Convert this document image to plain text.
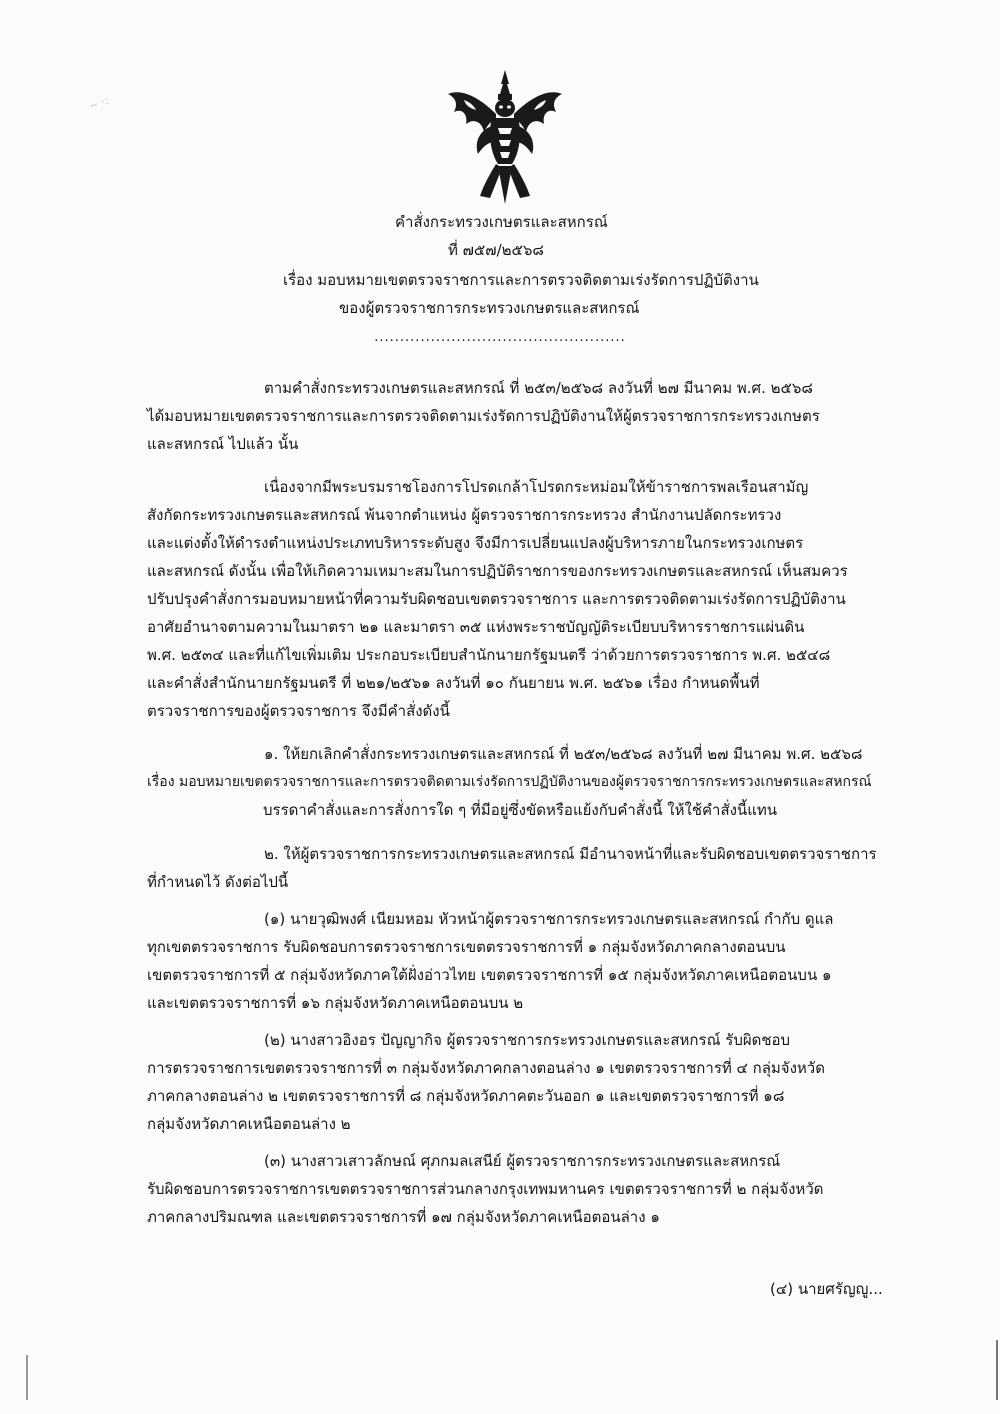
~ ·:
คำสั่งกระทรวงเกษตรและสหกรณ์
ที่ ๗๕๗/๒๕๖๘
เรื่อง มอบหมายเขตตรวจราชการและการตรวจติดตามเร่งรัดการปฏิบัติงาน
ของผู้ตรวจราชการกระทรวงเกษตรและสหกรณ์
.................................................
ตามคำสั่งกระทรวงเกษตรและสหกรณ์ ที่ ๒๕๓/๒๕๖๘ ลงวันที่ ๒๗ มีนาคม พ.ศ. ๒๕๖๘
ได้มอบหมายเขตตรวจราชการและการตรวจติดตามเร่งรัดการปฏิบัติงานให้ผู้ตรวจราชการกระทรวงเกษตร
และสหกรณ์ ไปแล้ว นั้น
เนื่องจากมีพระบรมราชโองการโปรดเกล้าโปรดกระหม่อมให้ข้าราชการพลเรือนสามัญ
สังกัดกระทรวงเกษตรและสหกรณ์ พ้นจากตำแหน่ง ผู้ตรวจราชการกระทรวง สำนักงานปลัดกระทรวง
และแต่งตั้งให้ดำรงตำแหน่งประเภทบริหารระดับสูง จึงมีการเปลี่ยนแปลงผู้บริหารภายในกระทรวงเกษตร
และสหกรณ์ ดังนั้น เพื่อให้เกิดความเหมาะสมในการปฏิบัติราชการของกระทรวงเกษตรและสหกรณ์ เห็นสมควร
ปรับปรุงคำสั่งการมอบหมายหน้าที่ความรับผิดชอบเขตตรวจราชการ และการตรวจติดตามเร่งรัดการปฏิบัติงาน
อาศัยอำนาจตามความในมาตรา ๒๑ และมาตรา ๓๕ แห่งพระราชบัญญัติระเบียบบริหารราชการแผ่นดิน
พ.ศ. ๒๕๓๔ และที่แก้ไขเพิ่มเติม ประกอบระเบียบสำนักนายกรัฐมนตรี ว่าด้วยการตรวจราชการ พ.ศ. ๒๕๔๘
และคำสั่งสำนักนายกรัฐมนตรี ที่ ๒๒๑/๒๕๖๑ ลงวันที่ ๑๐ กันยายน พ.ศ. ๒๕๖๑ เรื่อง กำหนดพื้นที่
ตรวจราชการของผู้ตรวจราชการ จึงมีคำสั่งดังนี้
๑. ให้ยกเลิกคำสั่งกระทรวงเกษตรและสหกรณ์ ที่ ๒๕๓/๒๕๖๘ ลงวันที่ ๒๗ มีนาคม พ.ศ. ๒๕๖๘
เรื่อง มอบหมายเขตตรวจราชการและการตรวจติดตามเร่งรัดการปฏิบัติงานของผู้ตรวจราชการกระทรวงเกษตรและสหกรณ์
บรรดาคำสั่งและการสั่งการใด ๆ ที่มีอยู่ซึ่งขัดหรือแย้งกับคำสั่งนี้ ให้ใช้คำสั่งนี้แทน
๒. ให้ผู้ตรวจราชการกระทรวงเกษตรและสหกรณ์ มีอำนาจหน้าที่และรับผิดชอบเขตตรวจราชการ
ที่กำหนดไว้ ดังต่อไปนี้
(๑) นายวุฒิพงศ์ เนียมหอม หัวหน้าผู้ตรวจราชการกระทรวงเกษตรและสหกรณ์ กำกับ ดูแล
ทุกเขตตรวจราชการ รับผิดชอบการตรวจราชการเขตตรวจราชการที่ ๑ กลุ่มจังหวัดภาคกลางตอนบน
เขตตรวจราชการที่ ๕ กลุ่มจังหวัดภาคใต้ฝั่งอ่าวไทย เขตตรวจราชการที่ ๑๕ กลุ่มจังหวัดภาคเหนือตอนบน ๑
และเขตตรวจราชการที่ ๑๖ กลุ่มจังหวัดภาคเหนือตอนบน ๒
(๒) นางสาวอิงอร ปัญญากิจ ผู้ตรวจราชการกระทรวงเกษตรและสหกรณ์ รับผิดชอบ
การตรวจราชการเขตตรวจราชการที่ ๓ กลุ่มจังหวัดภาคกลางตอนล่าง ๑ เขตตรวจราชการที่ ๔ กลุ่มจังหวัด
ภาคกลางตอนล่าง ๒ เขตตรวจราชการที่ ๘ กลุ่มจังหวัดภาคตะวันออก ๑ และเขตตรวจราชการที่ ๑๘
กลุ่มจังหวัดภาคเหนือตอนล่าง ๒
(๓) นางสาวเสาวลักษณ์ ศุภกมลเสนีย์ ผู้ตรวจราชการกระทรวงเกษตรและสหกรณ์
รับผิดชอบการตรวจราชการเขตตรวจราชการส่วนกลางกรุงเทพมหานคร เขตตรวจราชการที่ ๒ กลุ่มจังหวัด
ภาคกลางปริมณฑล และเขตตรวจราชการที่ ๑๗ กลุ่มจังหวัดภาคเหนือตอนล่าง ๑
(๔) นายศรัญญู...
